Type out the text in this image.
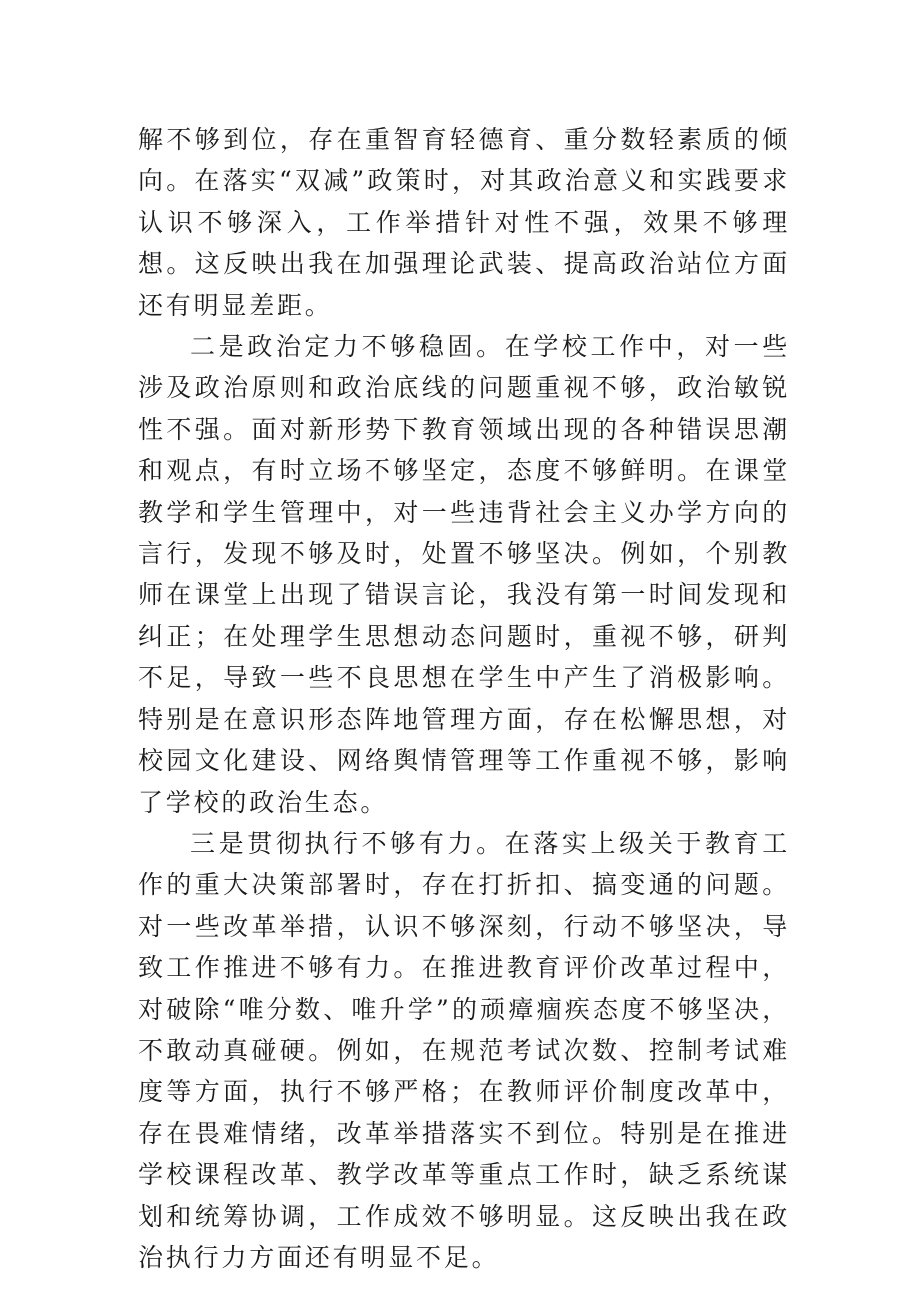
解不够到位，存在重智育轻德育、重分数轻素质的倾向。在落实“双减”政策时，对其政治意义和实践要求认识不够深入，工作举措针对性不强，效果不够理想。这反映出我在加强理论武装、提高政治站位方面还有明显差距。

二是政治定力不够稳固。在学校工作中，对一些涉及政治原则和政治底线的问题重视不够，政治敏锐性不强。面对新形势下教育领域出现的各种错误思潮和观点，有时立场不够坚定，态度不够鲜明。在课堂教学和学生管理中，对一些违背社会主义办学方向的言行，发现不够及时，处置不够坚决。例如，个别教师在课堂上出现了错误言论，我没有第一时间发现和纠正；在处理学生思想动态问题时，重视不够，研判不足，导致一些不良思想在学生中产生了消极影响。特别是在意识形态阵地管理方面，存在松懈思想，对校园文化建设、网络舆情管理等工作重视不够，影响了学校的政治生态。

三是贯彻执行不够有力。在落实上级关于教育工作的重大决策部署时，存在打折扣、搞变通的问题。对一些改革举措，认识不够深刻，行动不够坚决，导致工作推进不够有力。在推进教育评价改革过程中，对破除“唯分数、唯升学”的顽瘴痼疾态度不够坚决，不敢动真碰硬。例如，在规范考试次数、控制考试难度等方面，执行不够严格；在教师评价制度改革中，存在畏难情绪，改革举措落实不到位。特别是在推进学校课程改革、教学改革等重点工作时，缺乏系统谋划和统筹协调，工作成效不够明显。这反映出我在政治执行力方面还有明显不足。
